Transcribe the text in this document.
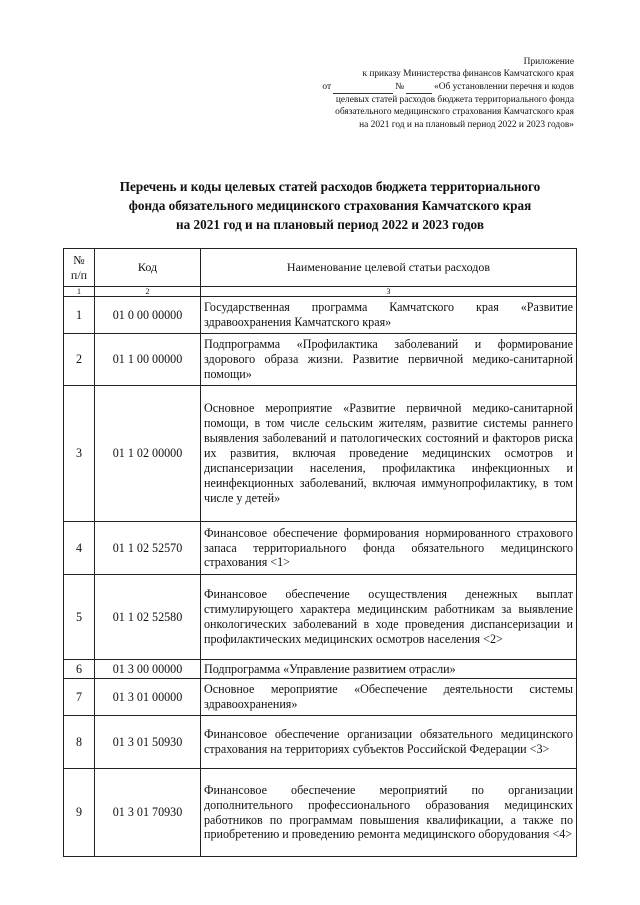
Приложение
к приказу Министерства финансов Камчатского края
от	№	«Об установлении перечня и кодов
целевых статей расходов бюджета территориального фонда
обязательного медицинского страхования Камчатского края
на 2021 год и на плановый период 2022 и 2023 годов»
Перечень и коды целевых статей расходов бюджета территориального
фонда обязательного медицинского страхования Камчатского края
на 2021 год и на плановый период 2022 и 2023 годов
№
п/п	Код	Наименование целевой статьи расходов
1	2	3
1	01 0 00 00000	Государственная программа Камчатского края «Развитие здравоохранения Камчатского края»
2	01 1 00 00000	Подпрограмма «Профилактика заболеваний и формирование здорового образа жизни. Развитие первичной медико-санитарной помощи»
3	01 1 02 00000	Основное мероприятие «Развитие первичной медико-санитарной помощи, в том числе сельским жителям, развитие системы раннего выявления заболеваний и патологических состояний и факторов риска их развития, включая проведение медицинских осмотров и диспансеризации населения, профилактика инфекционных и неинфекционных заболеваний, включая иммунопрофилактику, в том числе у детей»
4	01 1 02 52570	Финансовое обеспечение формирования нормированного страхового запаса территориального фонда обязательного медицинского страхования <1>
5	01 1 02 52580	Финансовое обеспечение осуществления денежных выплат стимулирующего характера медицинским работникам за выявление онкологических заболеваний в ходе проведения диспансеризации и профилактических медицинских осмотров населения <2>
6	01 3 00 00000	Подпрограмма «Управление развитием отрасли»
7	01 3 01 00000	Основное мероприятие «Обеспечение деятельности системы здравоохранения»
8	01 3 01 50930	Финансовое обеспечение организации обязательного медицинского страхования на территориях субъектов Российской Федерации <3>
9	01 3 01 70930	Финансовое обеспечение мероприятий по организации дополнительного профессионального образования медицинских работников по программам повышения квалификации, а также по приобретению и проведению ремонта медицинского оборудования <4>
